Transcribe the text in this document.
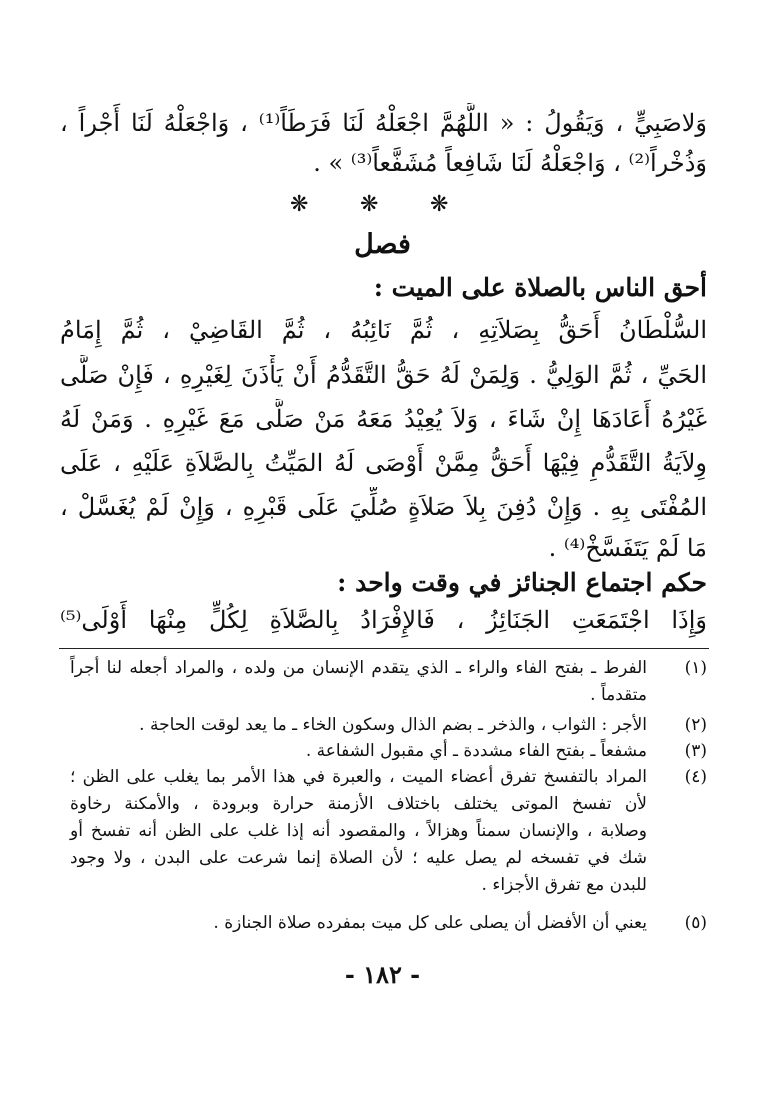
وَلاصَبِيٍّ ، وَيَقُولُ : « اللَّهُمَّ اجْعَلْهُ لَنَا فَرَطَاً⁽¹⁾ ، وَاجْعَلْهُ لَنَا أَجْراً ،
وَذُخْراً⁽²⁾ ، وَاجْعَلْهُ لَنَا شَافِعاً مُشَفَّعاً⁽³⁾ » .
❋ ❋ ❋
فصل
أحق الناس بالصلاة على الميت :
السُّلْطَانُ أَحَقُّ بِصَلاَتِهِ ، ثُمَّ نَائِبُهُ ، ثُمَّ القَاضِيْ ، ثُمَّ إِمَامُ
الحَيِّ ، ثُمَّ الوَلِيُّ . وَلِمَنْ لَهُ حَقُّ التَّقَدُّمُ أَنْ يَأْذَنَ لِغَيْرِهِ ، فَإِنْ صَلَّى
غَيْرُهُ أَعَادَهَا إِنْ شَاءَ ، وَلاَ يُعِيْدُ مَعَهُ مَنْ صَلَّى مَعَ غَيْرِهِ . وَمَنْ لَهُ
وِلاَيَةُ التَّقَدُّمِ فِيْهَا أَحَقُّ مِمَّنْ أَوْصَى لَهُ المَيِّتُ بِالصَّلاَةِ عَلَيْهِ ، عَلَى
المُفْتَى بِهِ . وَإِنْ دُفِنَ بِلاَ صَلاَةٍ صُلِّيَ عَلَى قَبْرِهِ ، وَإِنْ لَمْ يُغَسَّلْ ،
مَا لَمْ يَتَفَسَّخْ⁽⁴⁾ .
حكم اجتماع الجنائز في وقت واحد :
وَإِذَا اجْتَمَعَتِ الجَنَائِزُ ، فَالإِفْرَادُ بِالصَّلاَةِ لِكُلٍّ مِنْهَا أَوْلَى⁽⁵⁾
(١)
الفرط ـ بفتح الفاء والراء ـ الذي يتقدم الإنسان من ولده ، والمراد أجعله لنا أجراً
متقدماً .
(٢)
الأجر : الثواب ، والذخر ـ بضم الذال وسكون الخاء ـ ما يعد لوقت الحاجة .
(٣)
مشفعاً ـ بفتح الفاء مشددة ـ أي مقبول الشفاعة .
(٤)
المراد بالتفسخ تفرق أعضاء الميت ، والعبرة في هذا الأمر بما يغلب على الظن ؛
لأن تفسخ الموتى يختلف باختلاف الأزمنة حرارة وبرودة ، والأمكنة رخاوة
وصلابة ، والإنسان سمناً وهزالاً ، والمقصود أنه إذا غلب على الظن أنه تفسخ أو
شك في تفسخه لم يصل عليه ؛ لأن الصلاة إنما شرعت على البدن ، ولا وجود
للبدن مع تفرق الأجزاء .
(٥)
يعني أن الأفضل أن يصلى على كل ميت بمفرده صلاة الجنازة .
- ١٨٢ -
